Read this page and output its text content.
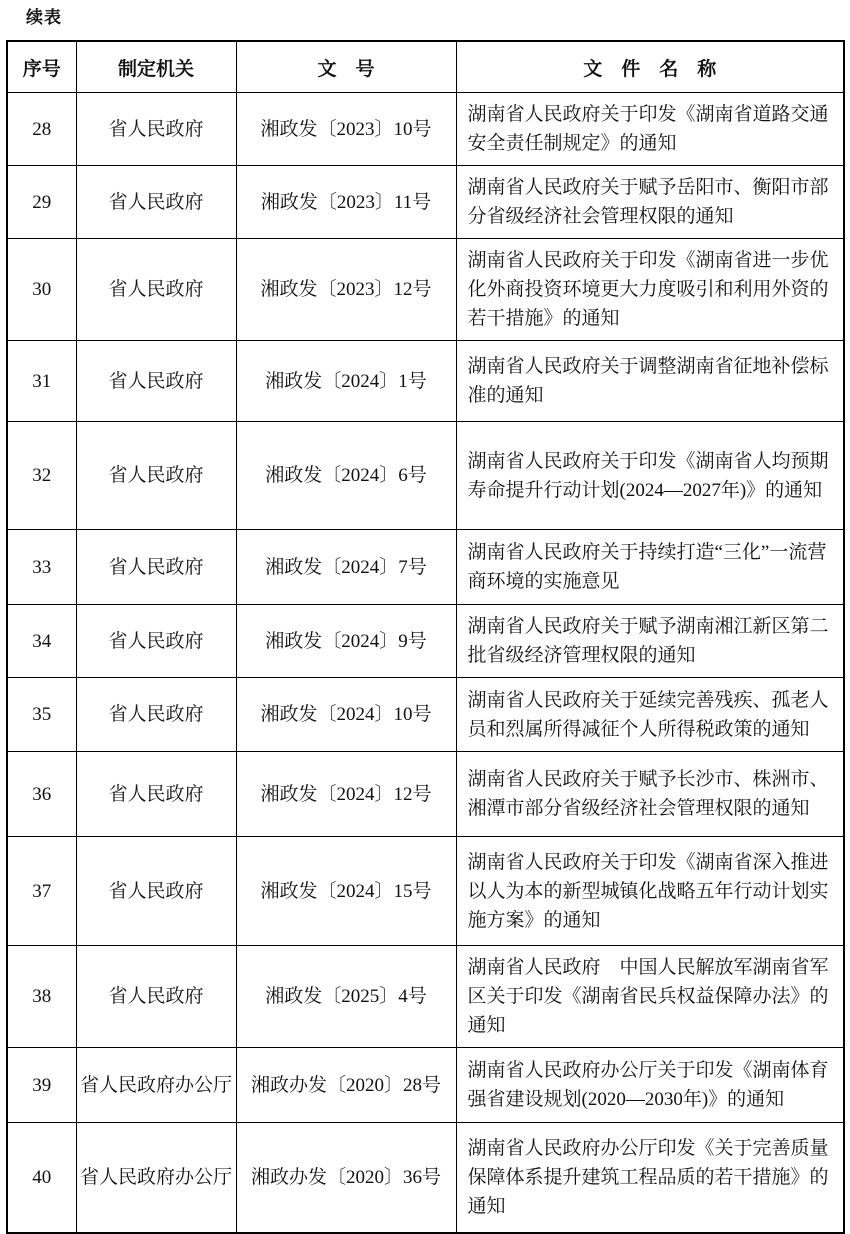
续表
序号	制定机关	文　号	文　件　名　称
28	省人民政府	湘政发〔2023〕10号	湖南省人民政府关于印发《湖南省道路交通安全责任制规定》的通知
29	省人民政府	湘政发〔2023〕11号	湖南省人民政府关于赋予岳阳市、衡阳市部分省级经济社会管理权限的通知
30	省人民政府	湘政发〔2023〕12号	湖南省人民政府关于印发《湖南省进一步优化外商投资环境更大力度吸引和利用外资的若干措施》的通知
31	省人民政府	湘政发〔2024〕1号	湖南省人民政府关于调整湖南省征地补偿标准的通知
32	省人民政府	湘政发〔2024〕6号	湖南省人民政府关于印发《湖南省人均预期寿命提升行动计划(2024—2027年)》的通知
33	省人民政府	湘政发〔2024〕7号	湖南省人民政府关于持续打造“三化”一流营商环境的实施意见
34	省人民政府	湘政发〔2024〕9号	湖南省人民政府关于赋予湖南湘江新区第二批省级经济管理权限的通知
35	省人民政府	湘政发〔2024〕10号	湖南省人民政府关于延续完善残疾、孤老人员和烈属所得减征个人所得税政策的通知
36	省人民政府	湘政发〔2024〕12号	湖南省人民政府关于赋予长沙市、株洲市、湘潭市部分省级经济社会管理权限的通知
37	省人民政府	湘政发〔2024〕15号	湖南省人民政府关于印发《湖南省深入推进以人为本的新型城镇化战略五年行动计划实施方案》的通知
38	省人民政府	湘政发〔2025〕4号	湖南省人民政府　中国人民解放军湖南省军区关于印发《湖南省民兵权益保障办法》的通知
39	省人民政府办公厅	湘政办发〔2020〕28号	湖南省人民政府办公厅关于印发《湖南体育强省建设规划(2020—2030年)》的通知
40	省人民政府办公厅	湘政办发〔2020〕36号	湖南省人民政府办公厅印发《关于完善质量保障体系提升建筑工程品质的若干措施》的通知
